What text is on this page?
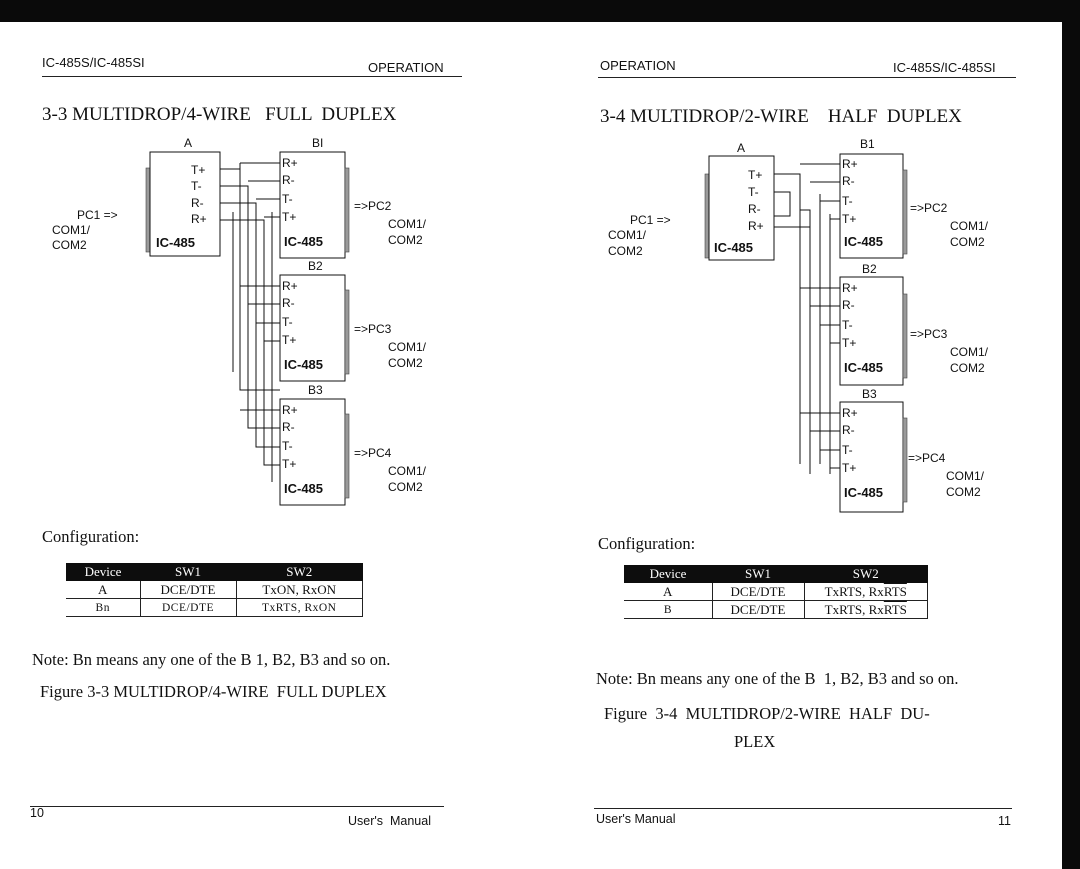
IC-485S/IC-485SI	OPERATION
3-3 MULTIDROP/4-WIRE   FULL  DUPLEX
PC1 =>
COM1/
COM2
A
T+
T-
R-
R+
IC-485
BI
R+
R-
T-
T+
IC-485
=>PC2
COM1/
COM2
B2
R+
R-
T-
T+
IC-485
=>PC3
COM1/
COM2
B3
R+
R-
T-
T+
IC-485
=>PC4
COM1/
COM2
Configuration:
Device	SW1	SW2
A	DCE/DTE	TxON, RxON
Bn	DCE/DTE	TxRTS, RxON
Note: Bn means any one of the B 1, B2, B3 and so on.
Figure 3-3 MULTIDROP/4-WIRE  FULL DUPLEX
10
User's  Manual
OPERATION	IC-485S/IC-485SI
3-4 MULTIDROP/2-WIRE    HALF  DUPLEX
PC1 =>
COM1/
COM2
A
T+
T-
R-
R+
IC-485
B1
R+
R-
T-
T+
IC-485
=>PC2
COM1/
COM2
B2
R+
R-
T-
T+
IC-485
=>PC3
COM1/
COM2
B3
R+
R-
T-
T+
IC-485
=>PC4
COM1/
COM2
Configuration:
Device	SW1	SW2
A	DCE/DTE	TxRTS, $Rx\overline{RTS}$
B	DCE/DTE	TxRTS, $Rx\overline{RTS}$
Note: Bn means any one of the B  1, B2, B3 and so on.
Figure  3-4  MULTIDROP/2-WIRE  HALF  DU-
PLEX
User's Manual	11
